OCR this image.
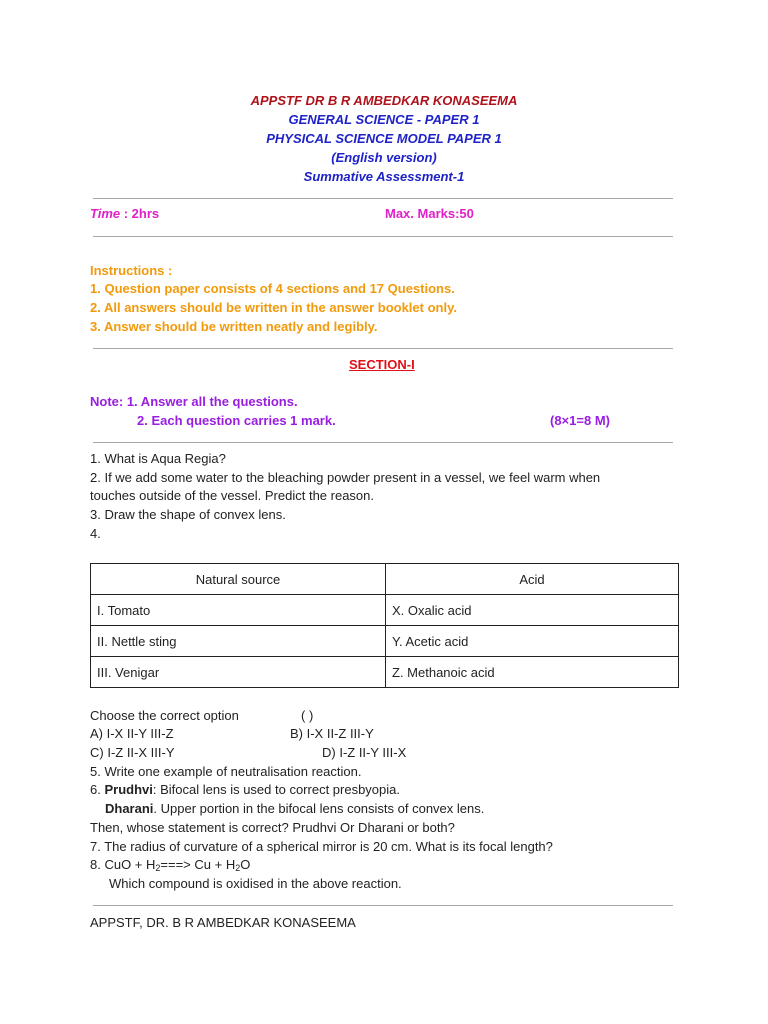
APPSTF DR B R AMBEDKAR KONASEEMA
GENERAL SCIENCE - PAPER 1
PHYSICAL SCIENCE MODEL PAPER 1
(English version)
Summative Assessment-1
Time : 2hrs	Max. Marks:50
Instructions :
1. Question paper consists of 4 sections and 17 Questions.
2. All answers should be written in the answer booklet only.
3. Answer should be written neatly and legibly.
SECTION-I
Note: 1. Answer all the questions.
2. Each question carries 1 mark.	(8×1=8 M)
1. What is Aqua Regia?
2. If we add some water to the bleaching powder present in a vessel, we feel warm when
touches outside of the vessel. Predict the reason.
3. Draw the shape of convex lens.
4.
Natural source	Acid
I. Tomato	X. Oxalic acid
II. Nettle sting	Y. Acetic acid
III. Venigar	Z. Methanoic acid
Choose the correct option	( )
A) I-X II-Y III-Z	B) I-X II-Z III-Y
C) I-Z II-X III-Y	D) I-Z II-Y III-X
5. Write one example of neutralisation reaction.
6. Prudhvi: Bifocal lens is used to correct presbyopia.
Dharani. Upper portion in the bifocal lens consists of convex lens.
Then, whose statement is correct? Prudhvi Or Dharani or both?
7. The radius of curvature of a spherical mirror is 20 cm. What is its focal length?
8. CuO + $H_2===> Cu + H_2O$
Which compound is oxidised in the above reaction.
APPSTF, DR. B R AMBEDKAR KONASEEMA
